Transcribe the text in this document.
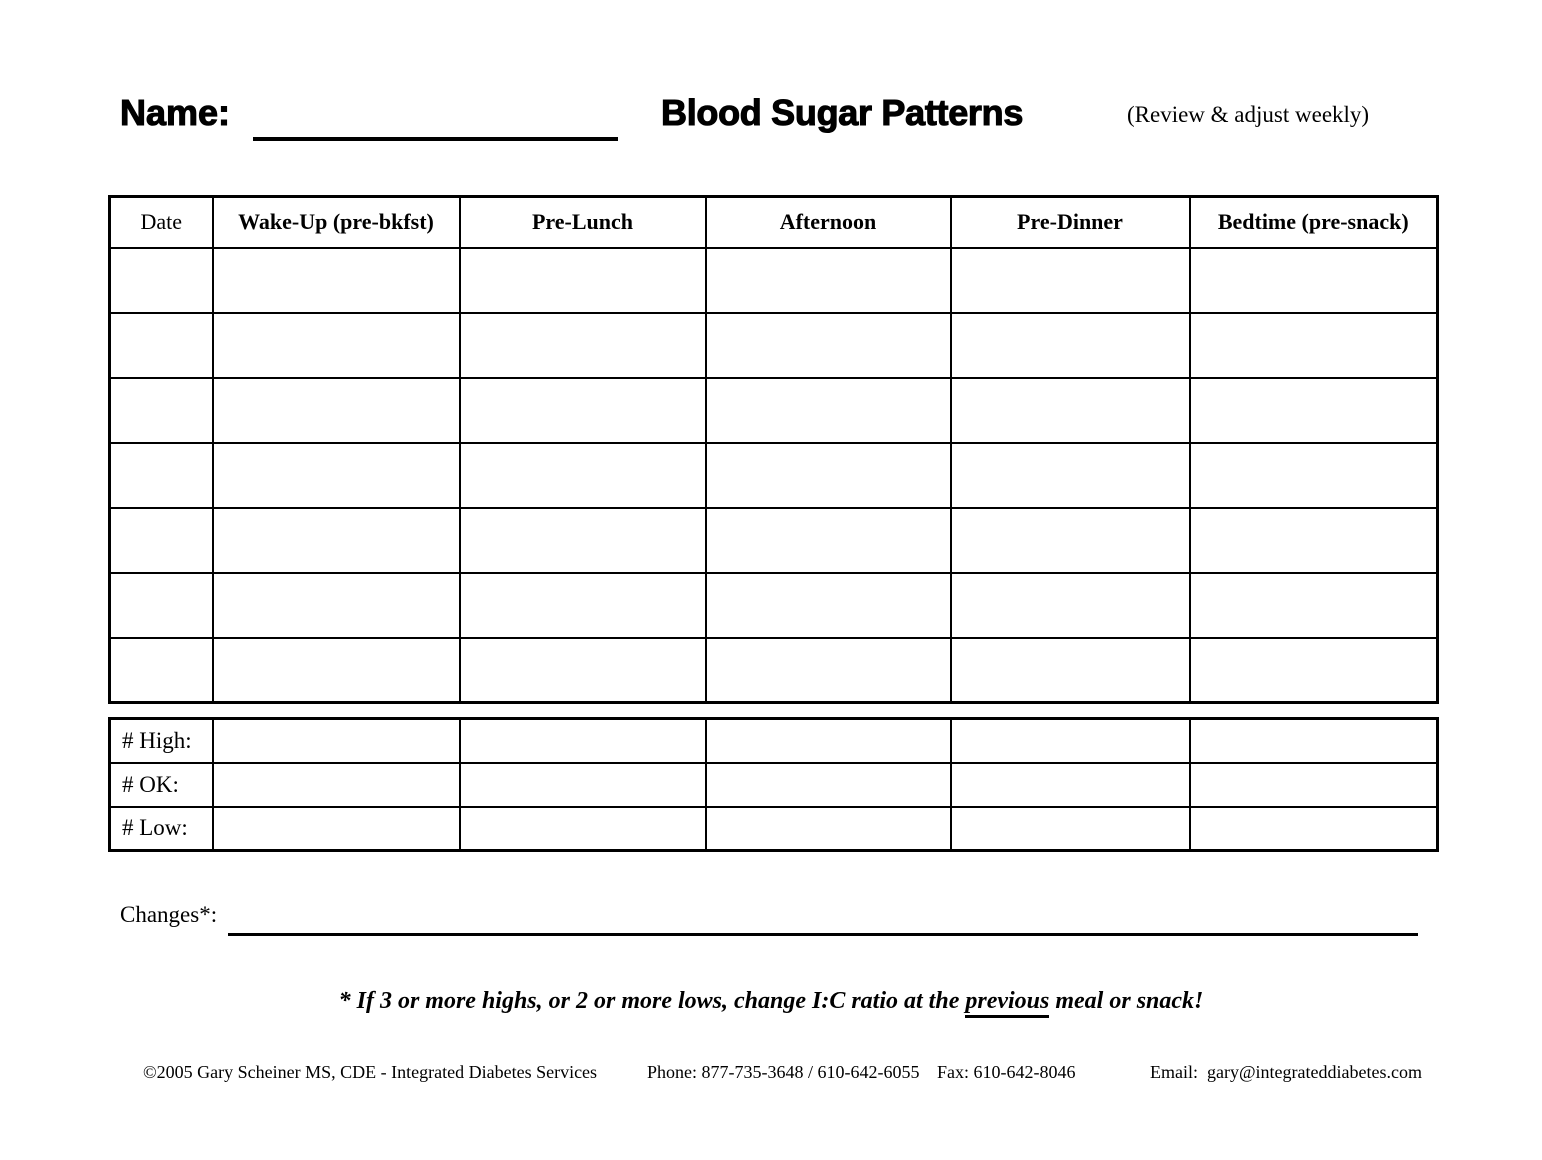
Name:	Blood Sugar Patterns	(Review & adjust weekly)
Date	Wake-Up (pre-bkfst)	Pre-Lunch	Afternoon	Pre-Dinner	Bedtime (pre-snack)

# High:					
# OK:					
# Low:					
Changes*:
* If 3 or more highs, or 2 or more lows, change I:C ratio at the previous meal or snack!
©2005 Gary Scheiner MS, CDE - Integrated Diabetes Services	Phone: 877-735-3648 / 610-642-6055 Fax: 610-642-8046	Email:  gary@integrateddiabetes.com
